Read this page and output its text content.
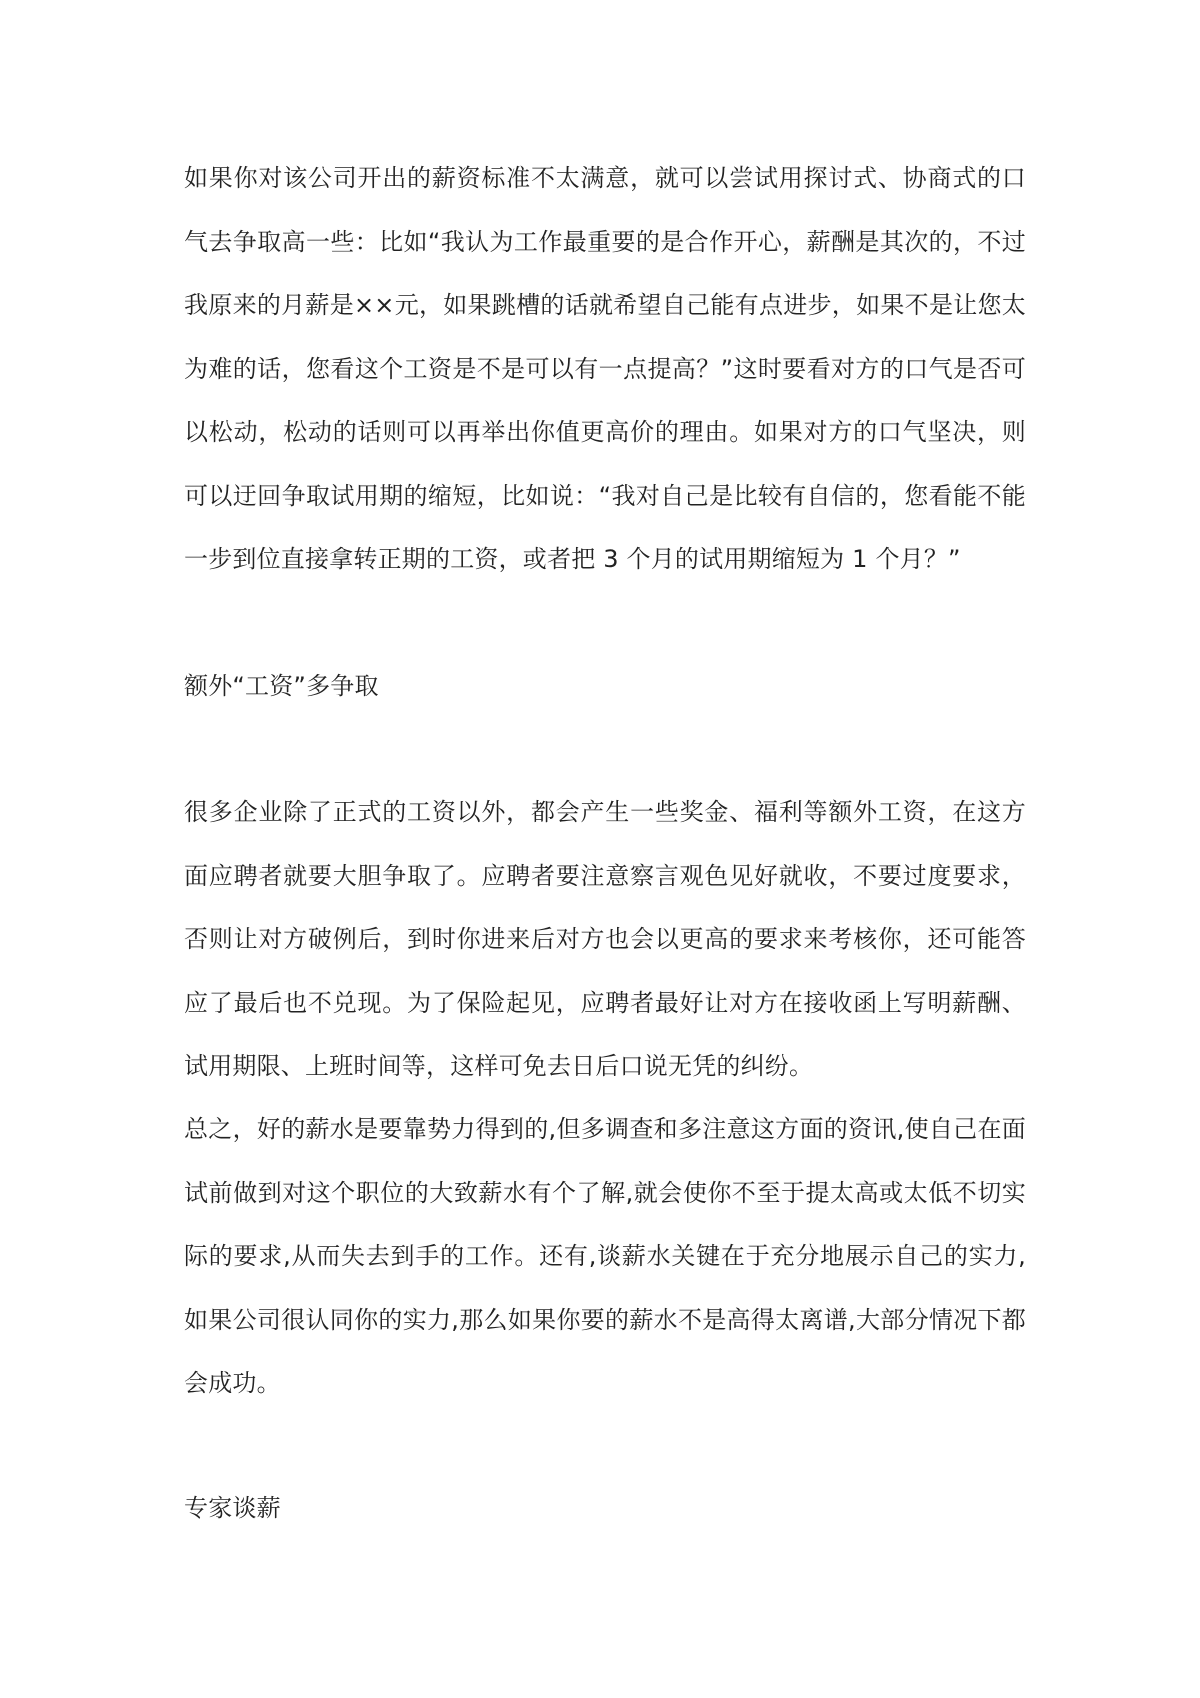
如果你对该公司开出的薪资标准不太满意，就可以尝试用探讨式、协商式的口气去争取高一些：比如“我认为工作最重要的是合作开心，薪酬是其次的，不过我原来的月薪是××元，如果跳槽的话就希望自己能有点进步，如果不是让您太为难的话，您看这个工资是不是可以有一点提高？”这时要看对方的口气是否可以松动，松动的话则可以再举出你值更高价的理由。如果对方的口气坚决，则可以迂回争取试用期的缩短，比如说：“我对自己是比较有自信的，您看能不能一步到位直接拿转正期的工资，或者把 3 个月的试用期缩短为 1 个月？”
额外“工资”多争取
很多企业除了正式的工资以外，都会产生一些奖金、福利等额外工资，在这方面应聘者就要大胆争取了。应聘者要注意察言观色见好就收，不要过度要求，否则让对方破例后，到时你进来后对方也会以更高的要求来考核你，还可能答应了最后也不兑现。为了保险起见，应聘者最好让对方在接收函上写明薪酬、试用期限、上班时间等，这样可免去日后口说无凭的纠纷。
总之，好的薪水是要靠势力得到的,但多调查和多注意这方面的资讯,使自己在面试前做到对这个职位的大致薪水有个了解,就会使你不至于提太高或太低不切实际的要求,从而失去到手的工作。还有,谈薪水关键在于充分地展示自己的实力,如果公司很认同你的实力,那么如果你要的薪水不是高得太离谱,大部分情况下都会成功。
专家谈薪
